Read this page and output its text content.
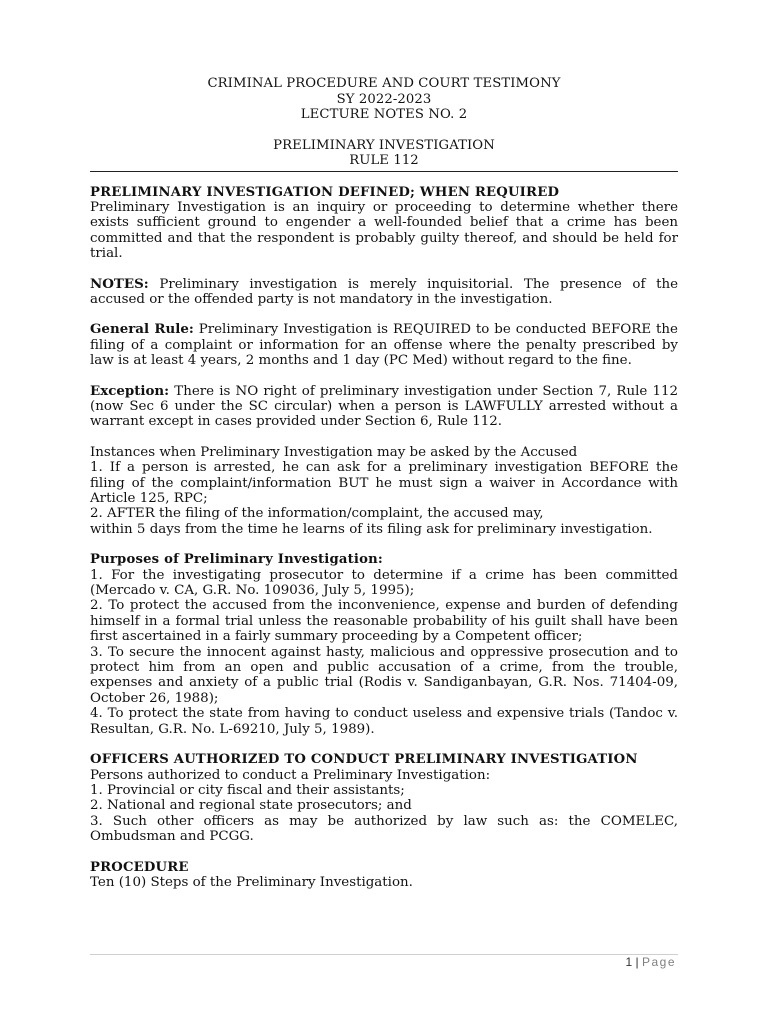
CRIMINAL PROCEDURE AND COURT TESTIMONY
SY 2022-2023
LECTURE NOTES NO. 2
PRELIMINARY INVESTIGATION
RULE 112

PRELIMINARY INVESTIGATION DEFINED; WHEN REQUIRED

Preliminary Investigation is an inquiry or proceeding to determine whether there exists sufficient ground to engender a well-founded belief that a crime has been committed and that the respondent is probably guilty thereof, and should be held for trial.

NOTES: Preliminary investigation is merely inquisitorial. The presence of the accused or the offended party is not mandatory in the investigation.

General Rule: Preliminary Investigation is REQUIRED to be conducted BEFORE the filing of a complaint or information for an offense where the penalty prescribed by law is at least 4 years, 2 months and 1 day (PC Med) without regard to the fine.

Exception: There is NO right of preliminary investigation under Section 7, Rule 112 (now Sec 6 under the SC circular) when a person is LAWFULLY arrested without a warrant except in cases provided under Section 6, Rule 112.

Instances when Preliminary Investigation may be asked by the Accused

1. If a person is arrested, he can ask for a preliminary investigation BEFORE the filing of the complaint/information BUT he must sign a waiver in Accordance with Article 125, RPC;

2. AFTER the filing of the information/complaint, the accused may,

within 5 days from the time he learns of its filing ask for preliminary investigation.

Purposes of Preliminary Investigation:

1. For the investigating prosecutor to determine if a crime has been committed (Mercado v. CA, G.R. No. 109036, July 5, 1995);

2. To protect the accused from the inconvenience, expense and burden of defending himself in a formal trial unless the reasonable probability of his guilt shall have been first ascertained in a fairly summary proceeding by a Competent officer;

3. To secure the innocent against hasty, malicious and oppressive prosecution and to protect him from an open and public accusation of a crime, from the trouble, expenses and anxiety of a public trial (Rodis v. Sandiganbayan, G.R. Nos. 71404-09, October 26, 1988);

4. To protect the state from having to conduct useless and expensive trials (Tandoc v. Resultan, G.R. No. L-69210, July 5, 1989).

OFFICERS AUTHORIZED TO CONDUCT PRELIMINARY INVESTIGATION

Persons authorized to conduct a Preliminary Investigation:

1. Provincial or city fiscal and their assistants;

2. National and regional state prosecutors; and

3. Such other officers as may be authorized by law such as: the COMELEC, Ombudsman and PCGG.

PROCEDURE

Ten (10) Steps of the Preliminary Investigation.

1 | Page
